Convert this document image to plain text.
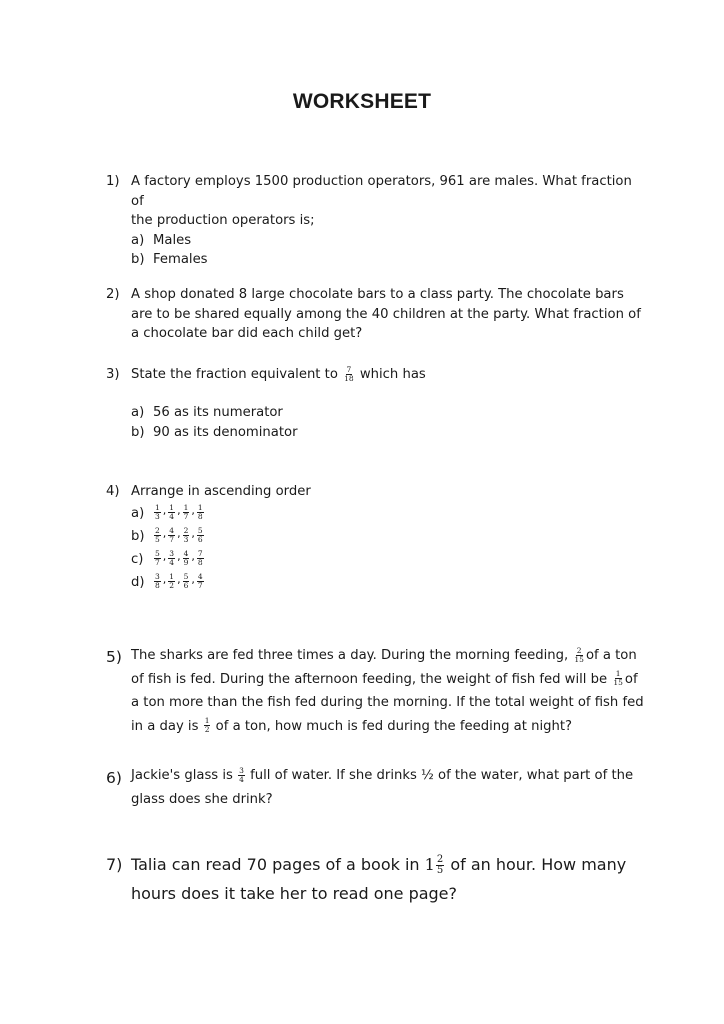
WORKSHEET
1) A factory employs 1500 production operators, 961 are males. What fraction of
the production operators is;
a) Males
b) Females
2) A shop donated 8 large chocolate bars to a class party. The chocolate bars
are to be shared equally among the 40 children at the party. What fraction of
a chocolate bar did each child get?
3) State the fraction equivalent to $\frac{7}{18}$ which has
a) 56 as its numerator
b) 90 as its denominator
4) Arrange in ascending order
$a) \frac{1}{3}$ , $\frac{1}{4}$ , $\frac{1}{7}$ , $\frac{1}{8}$
$b) \frac{2}{5}$ , $\frac{4}{7}$ , $\frac{2}{3}$ , $\frac{5}{6}$
$c) \frac{5}{7}$ , $\frac{3}{4}$ , $\frac{4}{9}$ , $\frac{7}{8}$
$d) \frac{3}{8}$ , $\frac{1}{2}$ , $\frac{5}{6}$ , $\frac{4}{7}$
5) The sharks are fed three times a day. During the morning feeding, $\frac{2}{15}$ of a ton
of fish is fed. During the afternoon feeding, the weight of fish fed will be $\frac{1}{15}$ of
a ton more than the fish fed during the morning. If the total weight of fish fed
in a day is $\frac{1}{2}$ of a ton, how much is fed during the feeding at night?
6) Jackie's glass is $\frac{3}{4}$ full of water. If she drinks ½ of the water, what part of the
glass does she drink?
7) Talia can read 70 pages of a book in $1 \frac{2}{5}$ of an hour. How many
hours does it take her to read one page?
